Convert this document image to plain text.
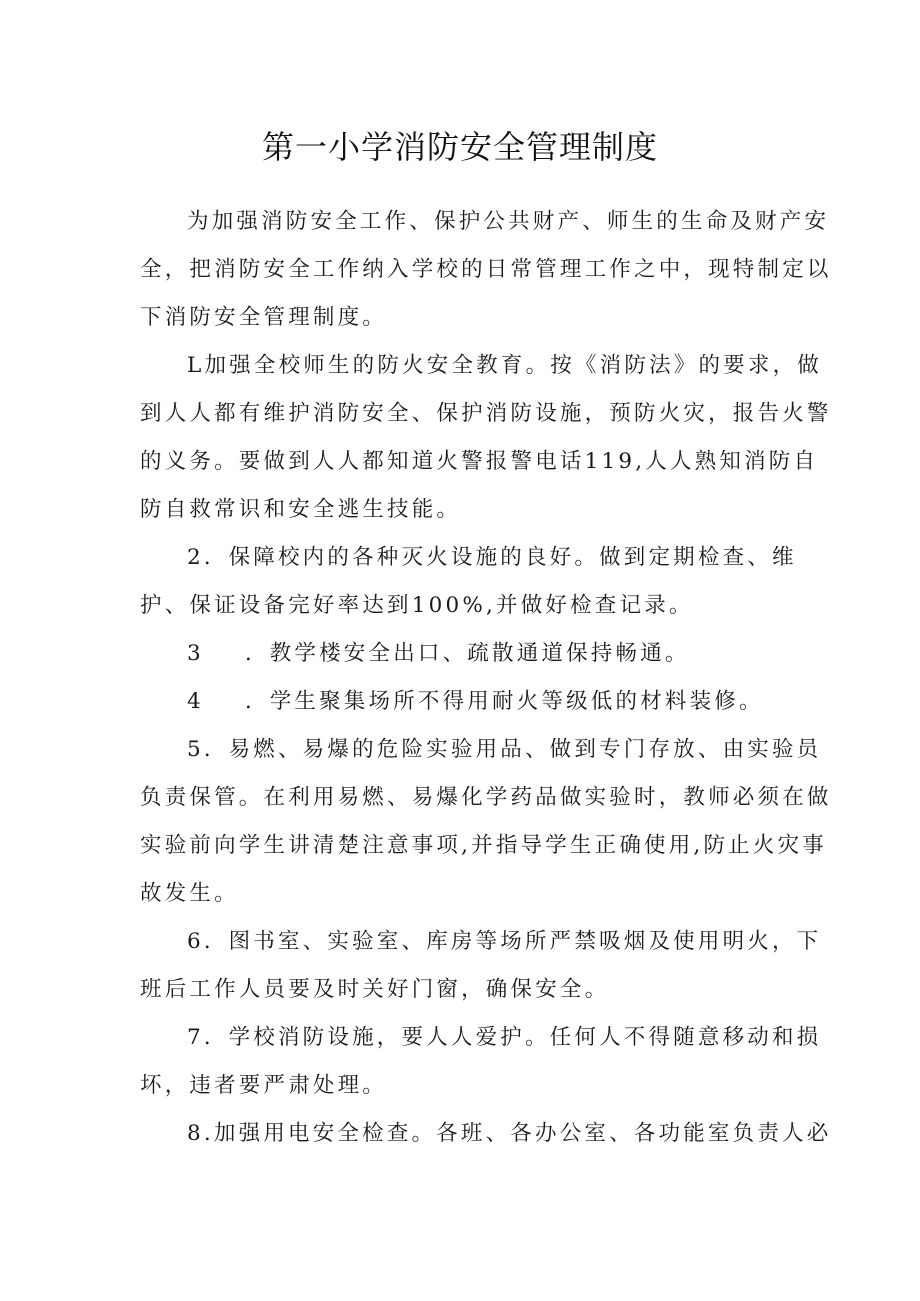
第一小学消防安全管理制度
为加强消防安全工作、保护公共财产、师生的生命及财产安
全，把消防安全工作纳入学校的日常管理工作之中，现特制定以
下消防安全管理制度。
L加强全校师生的防火安全教育。按《消防法》的要求，做
到人人都有维护消防安全、保护消防设施，预防火灾，报告火警
的义务。要做到人人都知道火警报警电话119,人人熟知消防自
防自救常识和安全逃生技能。
2．保障校内的各种灭火设施的良好。做到定期检查、维
护、保证设备完好率达到100%,并做好检查记录。
3 ．教学楼安全出口、疏散通道保持畅通。
4 ．学生聚集场所不得用耐火等级低的材料装修。
5．易燃、易爆的危险实验用品、做到专门存放、由实验员
负责保管。在利用易燃、易爆化学药品做实验时，教师必须在做
实验前向学生讲清楚注意事项,并指导学生正确使用,防止火灾事
故发生。
6．图书室、实验室、库房等场所严禁吸烟及使用明火，下
班后工作人员要及时关好门窗，确保安全。
7．学校消防设施，要人人爱护。任何人不得随意移动和损
坏，违者要严肃处理。
8.加强用电安全检查。各班、各办公室、各功能室负责人必
